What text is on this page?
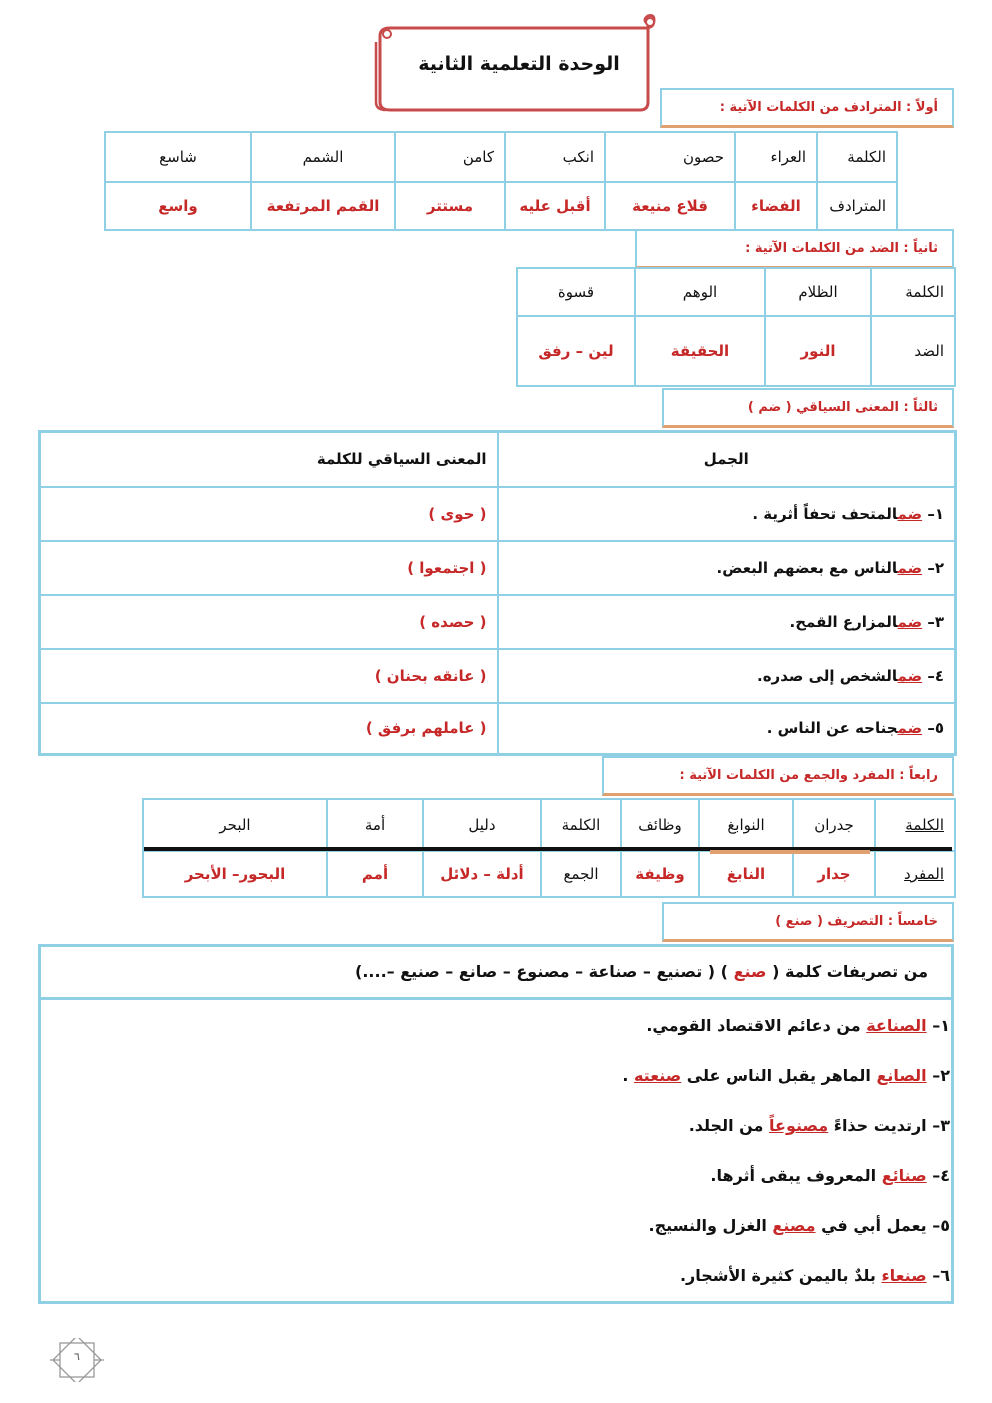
الوحدة التعلمية الثانية
أولاً : المترادف من الكلمات الآتية :
الكلمة	العراء	حصون	انكب	كامن	الشمم	شاسع
المترادف	الفضاء	قلاع منيعة	أقبل عليه	مستتر	القمم المرتفعة	واسع
ثانياً : الضد من الكلمات الآتية :
الكلمة	الظلام	الوهم	قسوة
الضد	النور	الحقيقة	لين – رفق
ثالثاً : المعنى السياقي ( ضم )
الجمل	المعنى السياقي للكلمة
١– ضمالمتحف تحفاً أثرية .	( حوى )
٢– ضمالناس مع بعضهم البعض.	( اجتمعوا )
٣– ضمالمزارع القمح.	( حصده )
٤– ضمالشخص إلى صدره.	( عانقه بحنان )
٥– ضمجناحه عن الناس .	( عاملهم برفق )
رابعاً : المفرد والجمع من الكلمات الآتية :
الكلمة	جدران	النوابغ	وظائف	الكلمة	دليل	أمة	البحر
المفرد	جدار	النابغ	وظيفة	الجمع	أدلة – دلائل	أمم	البحور– الأبحر
خامساً : التصريف ( صنع )
من تصريفات كلمة ( صنع ) ( تصنيع – صناعة – مصنوع – صانع – صنيع –....)
١– الصناعة من دعائم الاقتصاد القومي.
٢– الصانع الماهر يقبل الناس على صنعته .
٣– ارتديت حذاءً مصنوعاً من الجلد.
٤– صنائع المعروف يبقى أثرها.
٥– يعمل أبي في مصنع الغزل والنسيج.
٦– صنعاء بلدٌ باليمن كثيرة الأشجار.
٦
